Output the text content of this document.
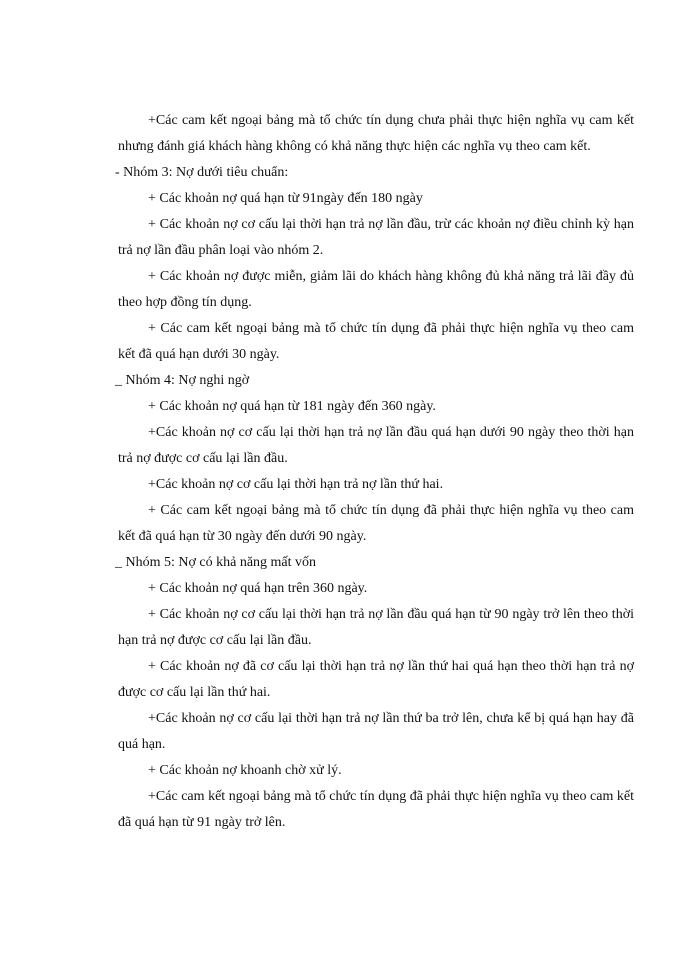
+Các cam kết ngoại bảng mà tổ chức tín dụng chưa phải thực hiện nghĩa vụ cam kết nhưng đánh giá khách hàng không có khả năng thực hiện các nghĩa vụ theo cam kết.

- Nhóm 3: Nợ dưới tiêu chuẩn:

+ Các khoản nợ quá hạn từ 91ngày đến 180 ngày

+ Các khoản nợ cơ cấu lại thời hạn trả nợ lần đầu, trừ các khoản nợ điều chỉnh kỳ hạn trả nợ lần đầu phân loại vào nhóm 2.

+ Các khoản nợ được miễn, giảm lãi do khách hàng không đủ khả năng trả lãi đầy đủ theo hợp đồng tín dụng.

+ Các cam kết ngoại bảng mà tổ chức tín dụng đã phải thực hiện nghĩa vụ theo cam kết đã quá hạn dưới 30 ngày.

_ Nhóm 4: Nợ nghi ngờ

+ Các khoản nợ quá hạn từ 181 ngày đến 360 ngày.

+Các khoản nợ cơ cấu lại thời hạn trả nợ lần đầu quá hạn dưới 90 ngày theo thời hạn trả nợ được cơ cấu lại lần đầu.

+Các khoản nợ cơ cấu lại thời hạn trả nợ lần thứ hai.

+ Các cam kết ngoại bảng mà tổ chức tín dụng đã phải thực hiện nghĩa vụ theo cam kết đã quá hạn từ 30 ngày đến dưới 90 ngày.

_ Nhóm 5: Nợ có khả năng mất vốn

+ Các khoản nợ quá hạn trên 360 ngày.

+ Các khoản nợ cơ cấu lại thời hạn trả nợ lần đầu quá hạn từ 90 ngày trở lên theo thời hạn trả nợ được cơ cấu lại lần đầu.

+ Các khoản nợ đã cơ cấu lại thời hạn trả nợ lần thứ hai quá hạn theo thời hạn trả nợ được cơ cấu lại lần thứ hai.

+Các khoản nợ cơ cấu lại thời hạn trả nợ lần thứ ba trở lên, chưa kể bị quá hạn hay đã quá hạn.

+ Các khoản nợ khoanh chờ xử lý.

+Các cam kết ngoại bảng mà tổ chức tín dụng đã phải thực hiện nghĩa vụ theo cam kết đã quá hạn từ 91 ngày trở lên.
